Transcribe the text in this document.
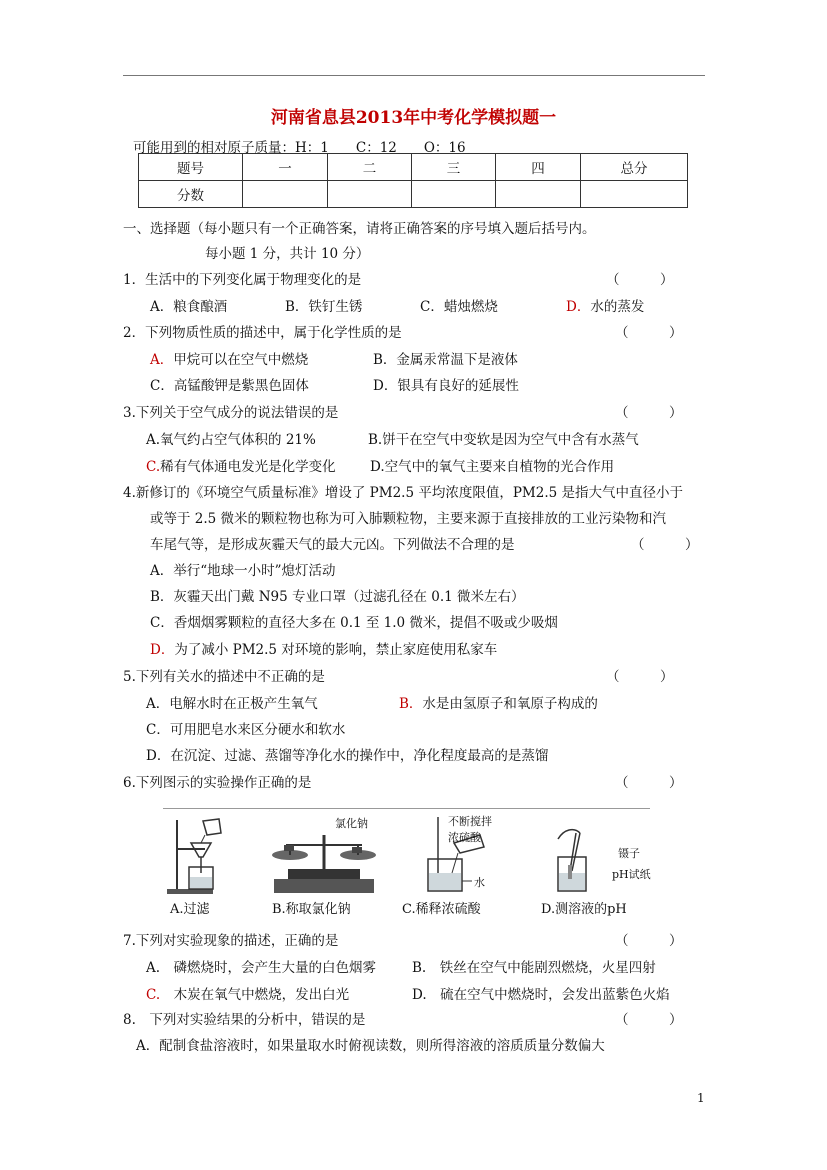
河南省息县2013年中考化学模拟题一
可能用到的相对原子质量：H：1　　C：12　　O：16
题号	一	二	三	四	总分
分数					
一、选择题（每小题只有一个正确答案，请将正确答案的序号填入题后括号内。
每小题 1 分，共计 10 分）
1．生活中的下列变化属于物理变化的是	（　　　）
A．粮食酿酒	B．铁钉生锈	C．蜡烛燃烧	D．水的蒸发
2．下列物质性质的描述中，属于化学性质的是	（　　　）
A．甲烷可以在空气中燃烧	B．金属汞常温下是液体
C．高锰酸钾是紫黑色固体	D．银具有良好的延展性
3.下列关于空气成分的说法错误的是	（　　　）
A.氧气约占空气体积的 21%	B.饼干在空气中变软是因为空气中含有水蒸气
C.稀有气体通电发光是化学变化	D.空气中的氧气主要来自植物的光合作用
4.新修订的《环境空气质量标准》增设了 PM2.5 平均浓度限值，PM2.5 是指大气中直径小于
或等于 2.5 微米的颗粒物也称为可入肺颗粒物，主要来源于直接排放的工业污染物和汽
车尾气等，是形成灰霾天气的最大元凶。下列做法不合理的是	（　　　）
A．举行“地球一小时”熄灯活动
B．灰霾天出门戴 N95 专业口罩（过滤孔径在 0.1 微米左右）
C．香烟烟雾颗粒的直径大多在 0.1 至 1.0 微米，提倡不吸或少吸烟
D．为了减小 PM2.5 对环境的影响，禁止家庭使用私家车
5.下列有关水的描述中不正确的是	（　　　）
A．电解水时在正极产生氧气	B．水是由氢原子和氧原子构成的
C．可用肥皂水来区分硬水和软水
D．在沉淀、过滤、蒸馏等净化水的操作中，净化程度最高的是蒸馏
6.下列图示的实验操作正确的是	（　　　）
A.过滤
氯化钠
B.称取氯化钠
不断搅拌
浓硫酸
水
C.稀释浓硫酸
镊子
pH试纸
D.测溶液的pH
7.下列对实验现象的描述，正确的是	（　　　）
A.　磷燃烧时，会产生大量的白色烟雾	B.　铁丝在空气中能剧烈燃烧，火星四射
C.　木炭在氧气中燃烧，发出白光	D.　硫在空气中燃烧时，会发出蓝紫色火焰
8.　下列对实验结果的分析中，错误的是	（　　　）
A．配制食盐溶液时，如果量取水时俯视读数，则所得溶液的溶质质量分数偏大
1
